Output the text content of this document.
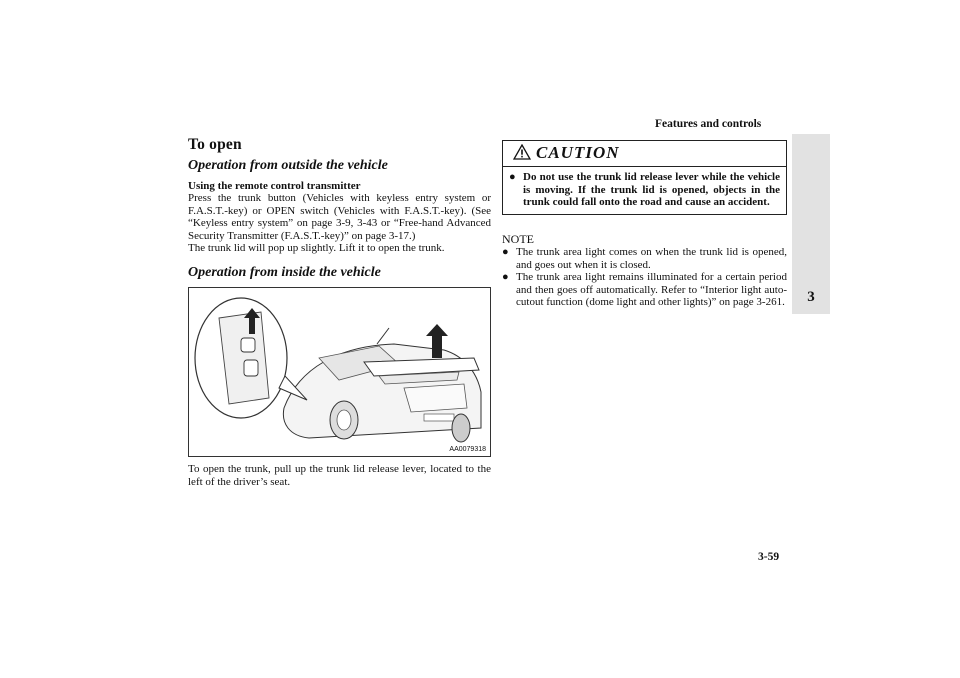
Features and controls
3
To open
Operation from outside the vehicle
Using the remote control transmitter

Press the trunk button (Vehicles with keyless entry system or F.A.S.T.-key) or OPEN switch (Vehicles with F.A.S.T.-key). (See “Keyless entry system” on page 3-9, 3-43 or “Free-hand Advanced Security Transmitter (F.A.S.T.-key)” on page 3-17.)

The trunk lid will pop up slightly. Lift it to open the trunk.

Operation from inside the vehicle
AA0079318

To open the trunk, pull up the trunk lid release lever, located to the left of the driver’s seat.

CAUTION
● Do not use the trunk lid release lever while the vehicle is moving. If the trunk lid is opened, objects in the trunk could fall onto the road and cause an accident.
NOTE
● The trunk area light comes on when the trunk lid is opened, and goes out when it is closed.
● The trunk area light remains illuminated for a certain period and then goes off automatically. Refer to “Interior light auto-cutout function (dome light and other lights)” on page 3-261.
3-59
